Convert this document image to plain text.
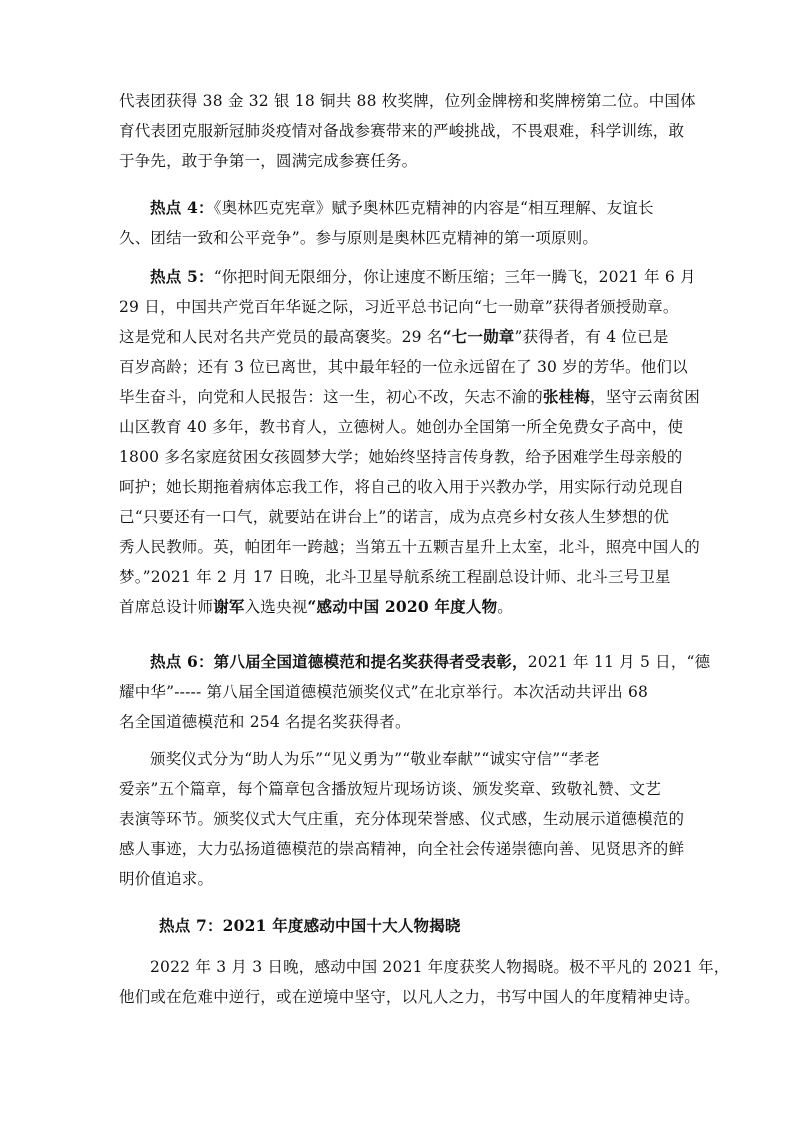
代表团获得 38 金 32 银 18 铜共 88 枚奖牌，位列金牌榜和奖牌榜第二位。中国体
育代表团克服新冠肺炎疫情对备战参赛带来的严峻挑战，不畏艰难，科学训练，敢
于争先，敢于争第一，圆满完成参赛任务。
热点 4：《奥林匹克宪章》赋予奥林匹克精神的内容是“相互理解、友谊长
久、团结一致和公平竞争”。参与原则是奥林匹克精神的第一项原则。
热点 5：“你把时间无限细分，你让速度不断压缩；三年一腾飞，2021 年 6 月
29 日，中国共产党百年华诞之际，习近平总书记向“七一勋章”获得者颁授勋章。
这是党和人民对名共产党员的最高褒奖。29 名“七一勋章”获得者，有 4 位已是
百岁高龄；还有 3 位已离世，其中最年轻的一位永远留在了 30 岁的芳华。他们以
毕生奋斗，向党和人民报告：这一生，初心不改，矢志不渝的张桂梅，坚守云南贫困
山区教育 40 多年，教书育人，立德树人。她创办全国第一所全免费女子高中，使
1800 多名家庭贫困女孩圆梦大学；她始终坚持言传身教，给予困难学生母亲般的
呵护；她长期拖着病体忘我工作，将自己的收入用于兴教办学，用实际行动兑现自
己“只要还有一口气，就要站在讲台上”的诺言，成为点亮乡村女孩人生梦想的优
秀人民教师。英，帕团年一跨越；当第五十五颗吉星升上太室，北斗，照亮中国人的
梦。”2021 年 2 月 17 日晚，北斗卫星导航系统工程副总设计师、北斗三号卫星
首席总设计师谢军入选央视“感动中国 2020 年度人物。
热点 6：第八届全国道德模范和提名奖获得者受表彰，2021 年 11 月 5 日，“德
耀中华”----- 第八届全国道德模范颁奖仪式”在北京举行。本次活动共评出 68
名全国道德模范和 254 名提名奖获得者。
颁奖仪式分为“助人为乐”“见义勇为”“敬业奉献”“诚实守信”“孝老
爱亲”五个篇章，每个篇章包含播放短片现场访谈、颁发奖章、致敬礼赞、文艺
表演等环节。颁奖仪式大气庄重，充分体现荣誉感、仪式感，生动展示道德模范的
感人事迹，大力弘扬道德模范的崇高精神，向全社会传递崇德向善、见贤思齐的鲜
明价值追求。
热点 7：2021 年度感动中国十大人物揭晓
2022 年 3 月 3 日晚，感动中国 2021 年度获奖人物揭晓。极不平凡的 2021 年，
他们或在危难中逆行，或在逆境中坚守，以凡人之力，书写中国人的年度精神史诗。
